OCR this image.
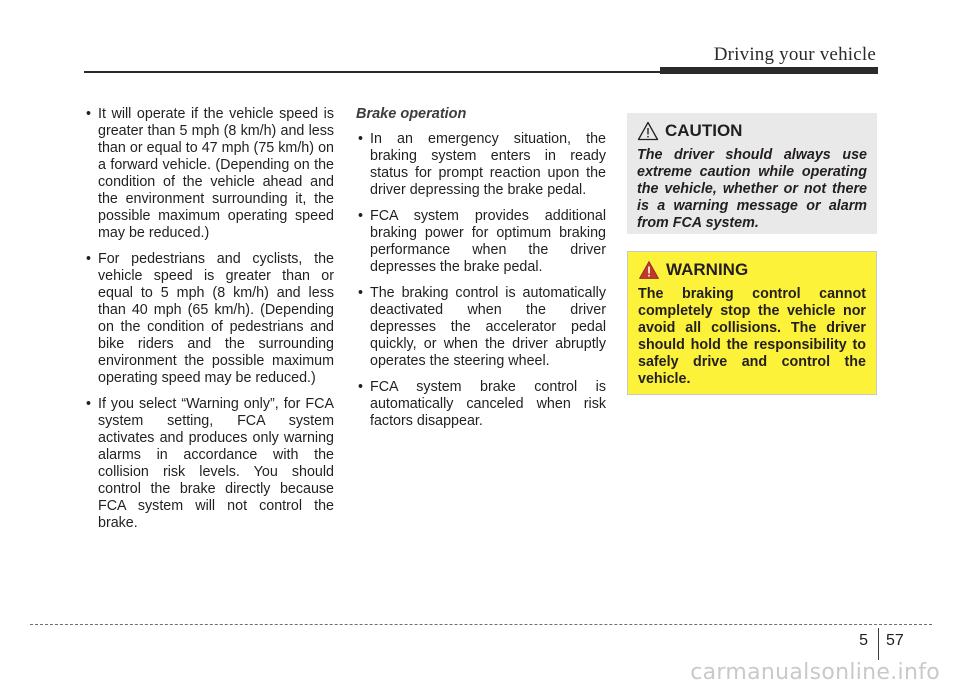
Driving your vehicle
• It will operate if the vehicle speed is greater than 5 mph (8 km/h) and less than or equal to 47 mph (75 km/h) on a forward vehicle. (Depending on the condition of the vehicle ahead and the environment surrounding it, the possible maximum operating speed may be reduced.)
• For pedestrians and cyclists, the vehicle speed is greater than or equal to 5 mph (8 km/h) and less than 40 mph (65 km/h). (Depending on the condition of pedestrians and bike riders and the surrounding environment the possible maximum operating speed may be reduced.)
• If you select “Warning only”, for FCA system setting, FCA system activates and produces only warning alarms in accordance with the collision risk levels. You should control the brake directly because FCA system will not control the brake.
Brake operation
• In an emergency situation, the braking system enters in ready status for prompt reaction upon the driver depressing the brake pedal.
• FCA system provides additional braking power for optimum braking performance when the driver depresses the brake pedal.
• The braking control is automatically deactivated when the driver depresses the accelerator pedal quickly, or when the driver abruptly operates the steering wheel.
• FCA system brake control is automatically canceled when risk factors disappear.
CAUTION
The driver should always use extreme caution while operating the vehicle, whether or not there is a warning message or alarm from FCA system.
WARNING
The braking control cannot completely stop the vehicle nor avoid all collisions. The driver should hold the responsibility to safely drive and control the vehicle.
5 57
carmanualsonline.info
